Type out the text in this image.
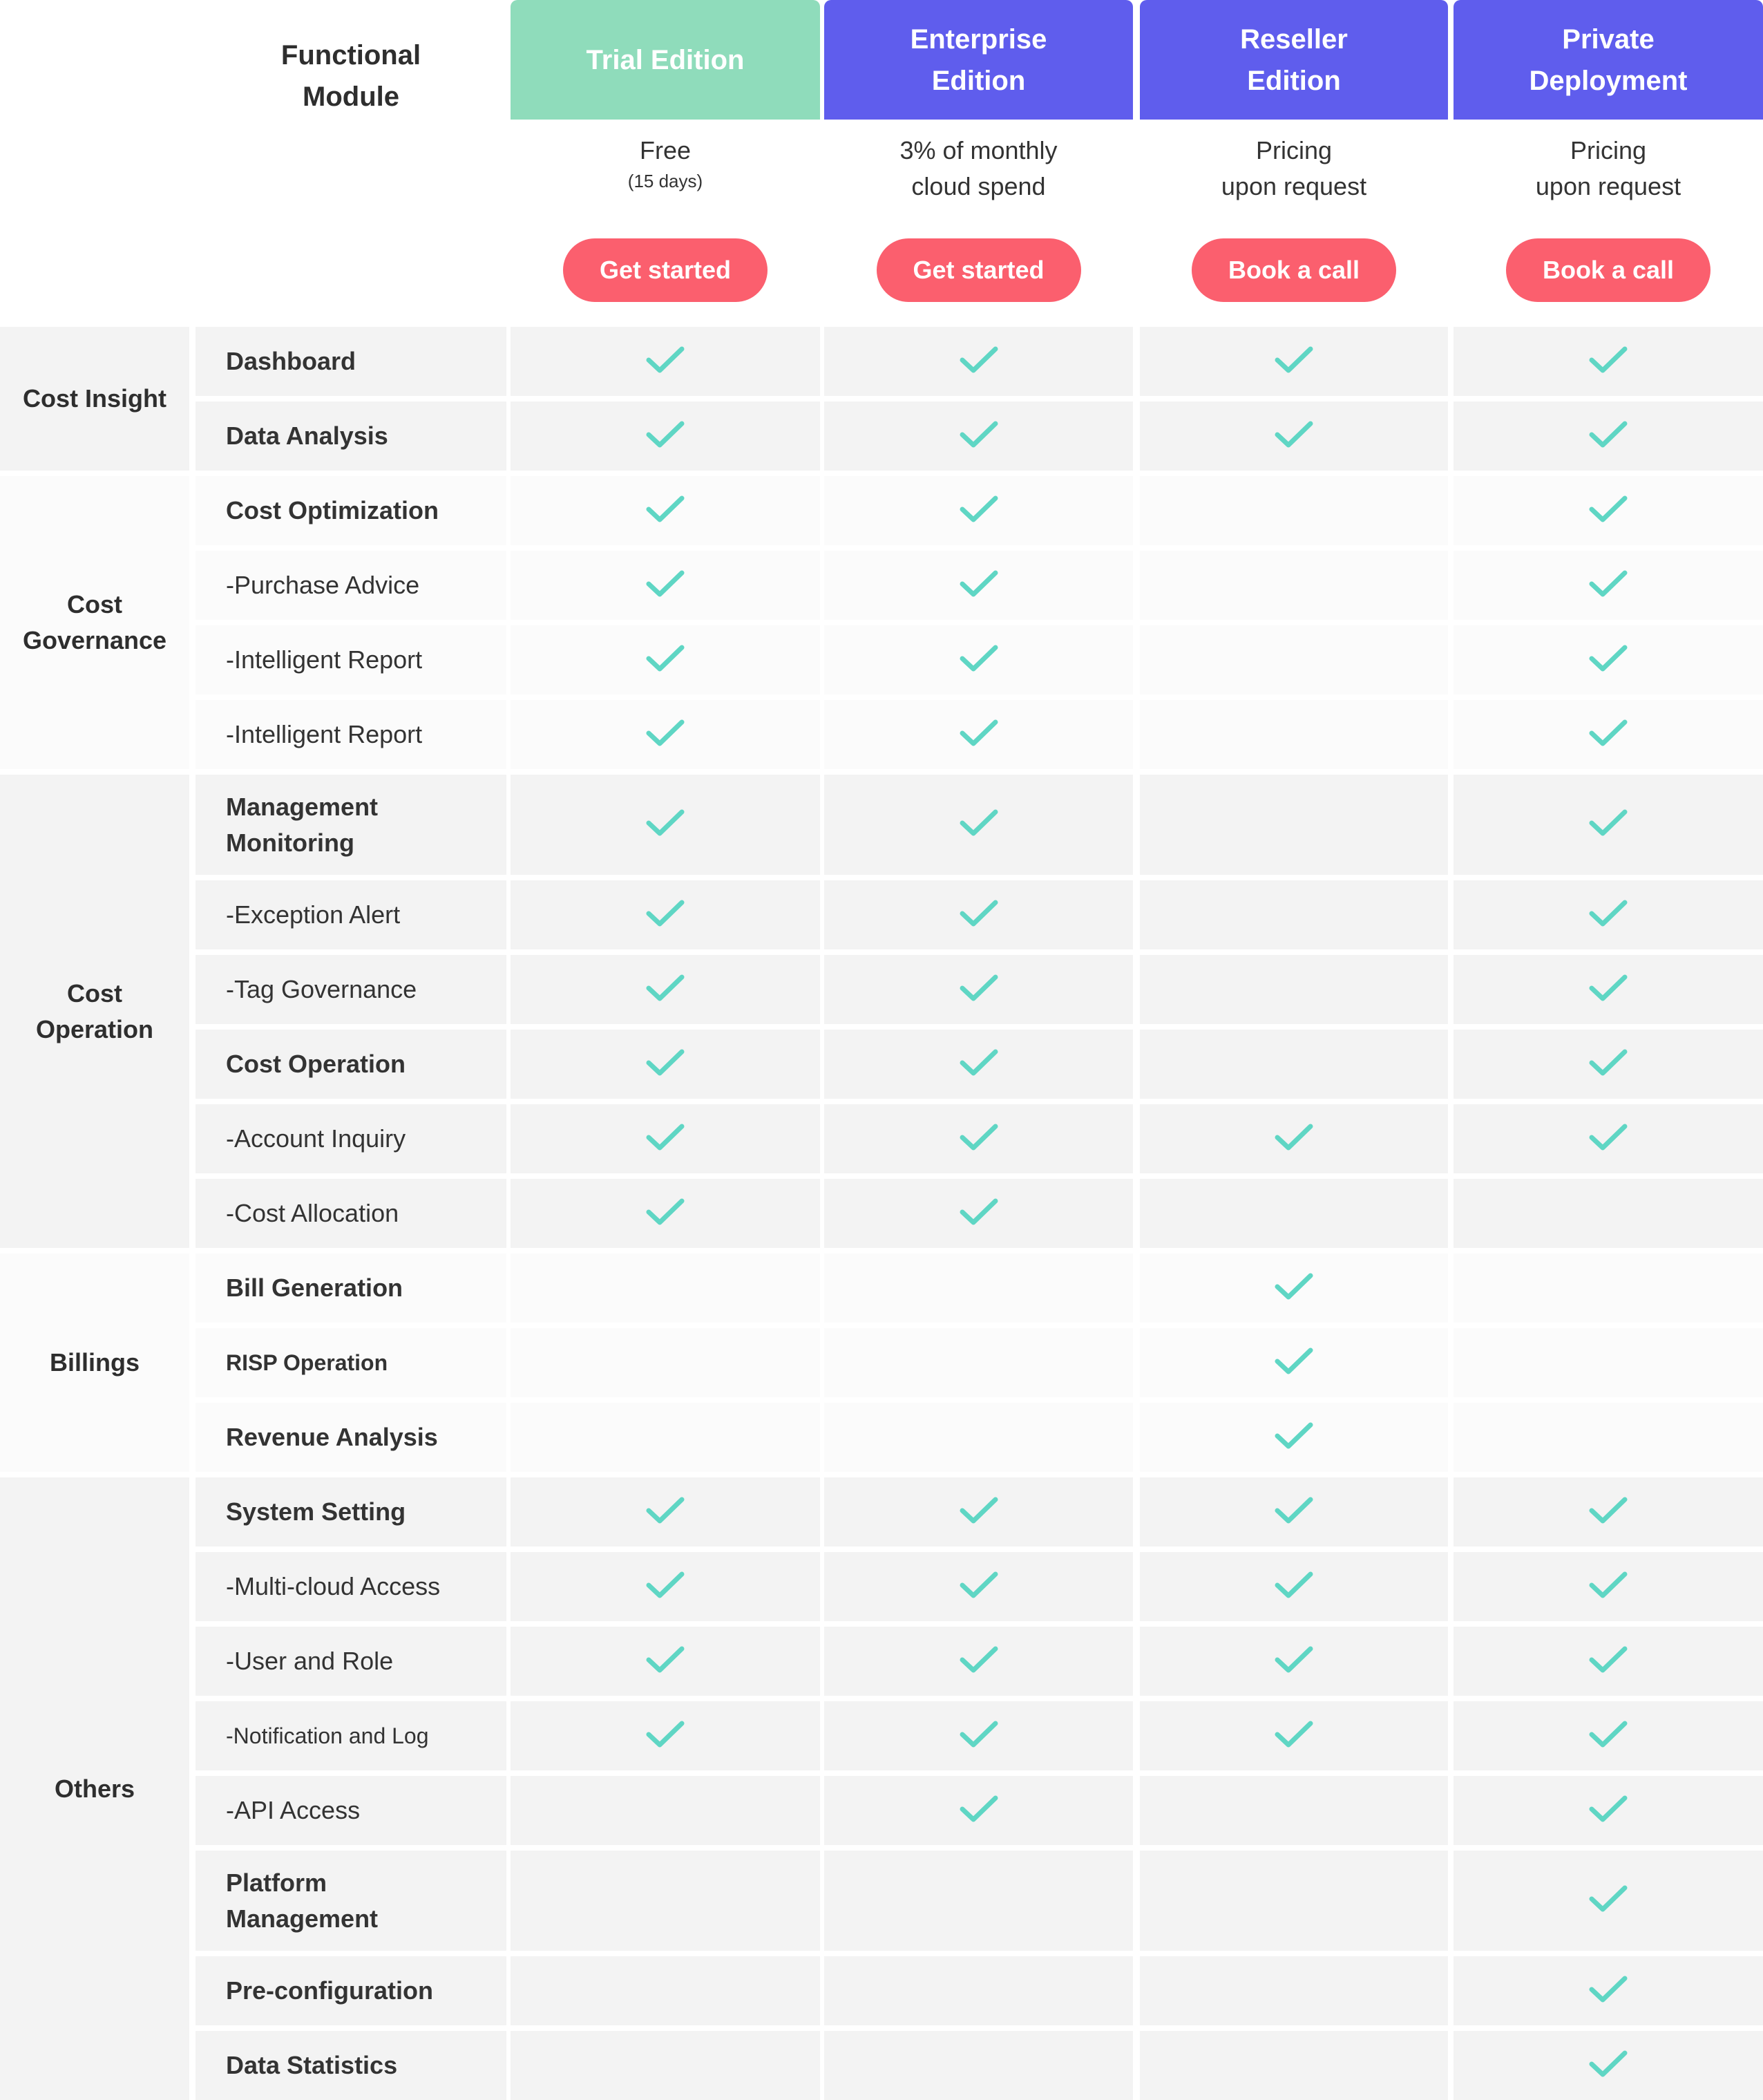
Functional
Module
Trial Edition
Free
(15 days)
Get started
Enterprise
Edition
3% of monthly
cloud spend
Get started
Reseller
Edition
Pricing
upon request
Book a call
Private
Deployment
Pricing
upon request
Book a call
Dashboard
Data Analysis
Cost Insight
Cost Optimization
-Purchase Advice
-Intelligent Report
-Intelligent Report
Cost
Governance
Management
Monitoring
-Exception Alert
-Tag Governance
Cost Operation
-Account Inquiry
-Cost Allocation
Cost
Operation
Bill Generation
RISP Operation
Revenue Analysis
Billings
System Setting
-Multi-cloud Access
-User and Role
-Notification and Log
-API Access
Platform
Management
Pre-configuration
Data Statistics
Others
